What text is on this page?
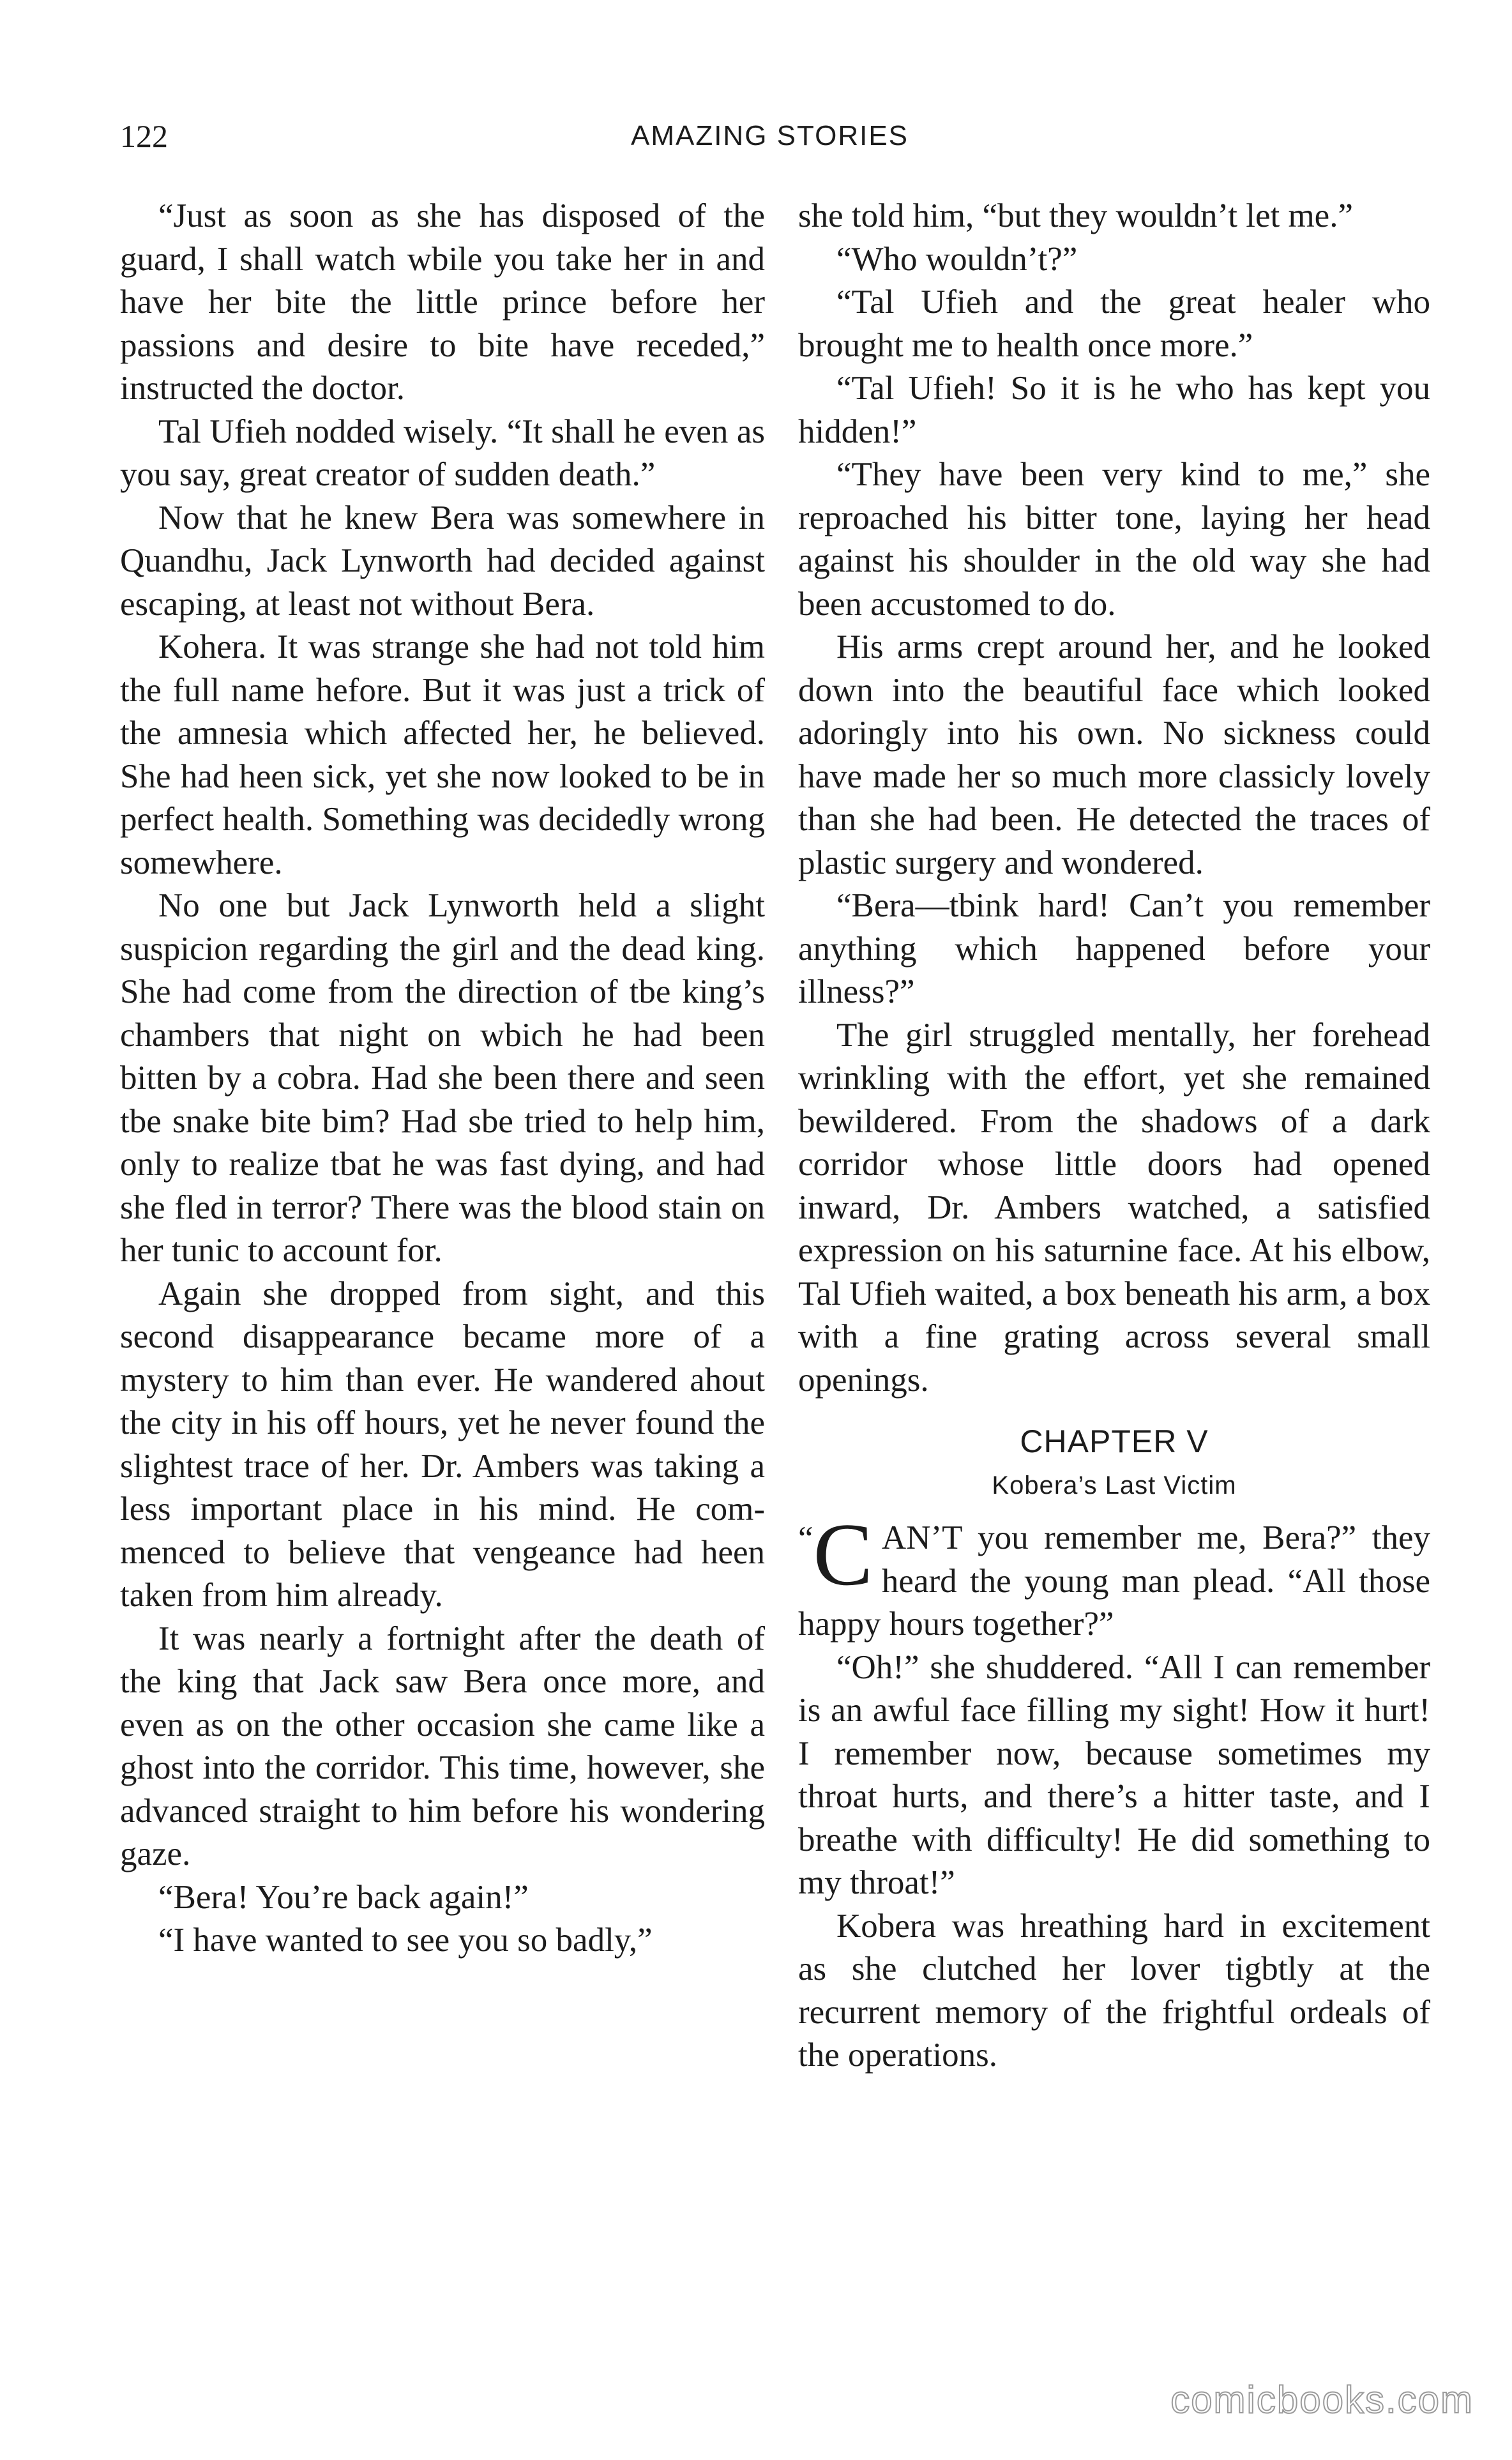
122	AMAZING STORIES

“Just as soon as she has disposed of the guard, I shall watch wbile you take her in and have her bite the little prince before her passions and desire to bite have receded,” instructed the doctor.

Tal Ufieh nodded wisely. “It shall he even as you say, great creator of sudden death.”

Now that he knew Bera was somewhere in Quandhu, Jack Lynworth had decided against escaping, at least not without Bera.

Kohera. It was strange she had not told him the full name hefore. But it was just a trick of the amnesia which affected her, he believed. She had heen sick, yet she now looked to be in perfect health. Something was decidedly wrong somewhere.

No one but Jack Lynworth held a slight suspicion regarding the girl and the dead king. She had come from the direction of tbe king’s chambers that night on wbich he had been bitten by a cobra. Had she been there and seen tbe snake bite bim? Had sbe tried to help him, only to realize tbat he was fast dying, and had she fled in terror? There was the blood stain on her tunic to account for.

Again she dropped from sight, and this second disappearance became more of a mystery to him than ever. He wandered ahout the city in his off hours, yet he never found the slightest trace of her. Dr. Ambers was taking a less important place in his mind. He commenced to believe that vengeance had heen taken from him already.

It was nearly a fortnight after the death of the king that Jack saw Bera once more, and even as on the other occasion she came like a ghost into the corridor. This time, however, she advanced straight to him before his wondering gaze.

“Bera! You’re back again!”

“I have wanted to see you so badly,”

she told him, “but they wouldn’t let me.”

“Who wouldn’t?”

“Tal Ufieh and the great healer who brought me to health once more.”

“Tal Ufieh! So it is he who has kept you hidden!”

“They have been very kind to me,” she reproached his bitter tone, laying her head against his shoulder in the old way she had been accustomed to do.

His arms crept around her, and he looked down into the beautiful face which looked adoringly into his own. No sickness could have made her so much more classicly lovely than she had been. He detected the traces of plastic surgery and wondered.

“Bera—tbink hard! Can’t you remember anything which happened before your illness?”

The girl struggled mentally, her forehead wrinkling with the effort, yet she remained bewildered. From the shadows of a dark corridor whose little doors had opened inward, Dr. Ambers watched, a satisfied expression on his saturnine face. At his elbow, Tal Ufieh waited, a box beneath his arm, a box with a fine grating across several small openings.

CHAPTER V
Kobera’s Last Victim

“C AN’T you remember me, Bera?” they heard the young man plead. “All those happy hours together?”

“Oh!” she shuddered. “All I can remember is an awful face filling my sight! How it hurt! I remember now, because sometimes my throat hurts, and there’s a hitter taste, and I breathe with difficulty! He did something to my throat!”

Kobera was hreathing hard in excitement as she clutched her lover tigbtly at the recurrent memory of the frightful ordeals of the operations.

comicbooks.com
